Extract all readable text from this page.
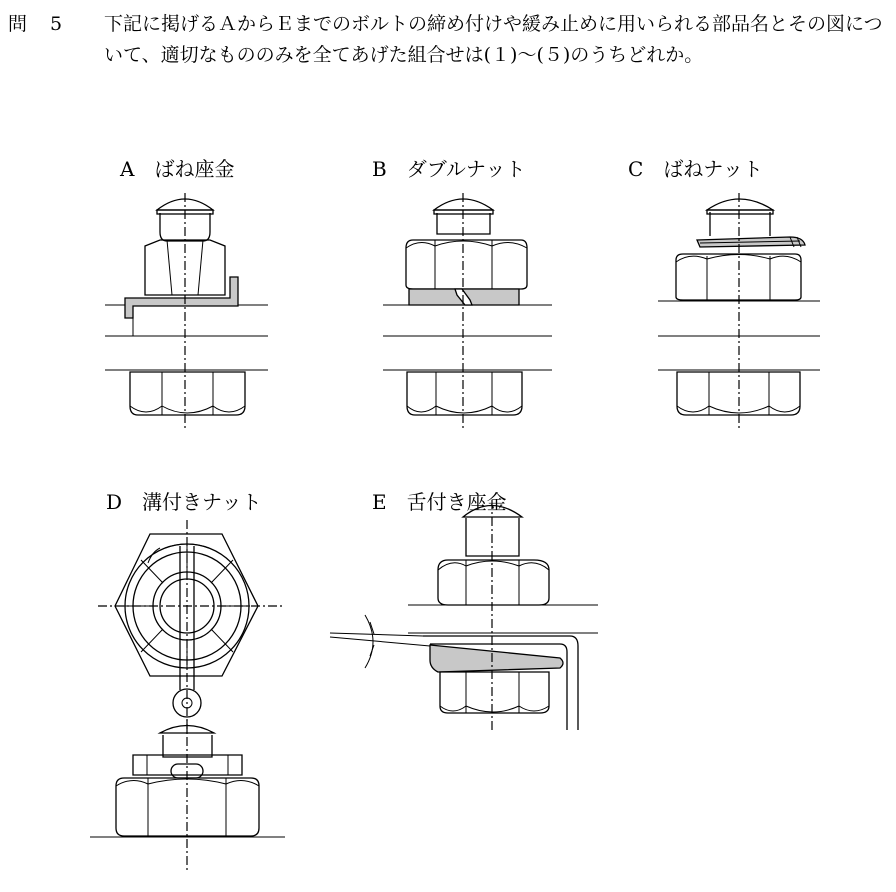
問　5 下記に掲げるＡからＥまでのボルトの締め付けや緩み止めに用いられる部品名とその図について、適切なもののみを全てあげた組合せは(１)～(５)のうちどれか。

A　 ばね座金	B　 ダブルナット	C　 ばねナット
D　 溝付きナット	E　 舌付き座金
